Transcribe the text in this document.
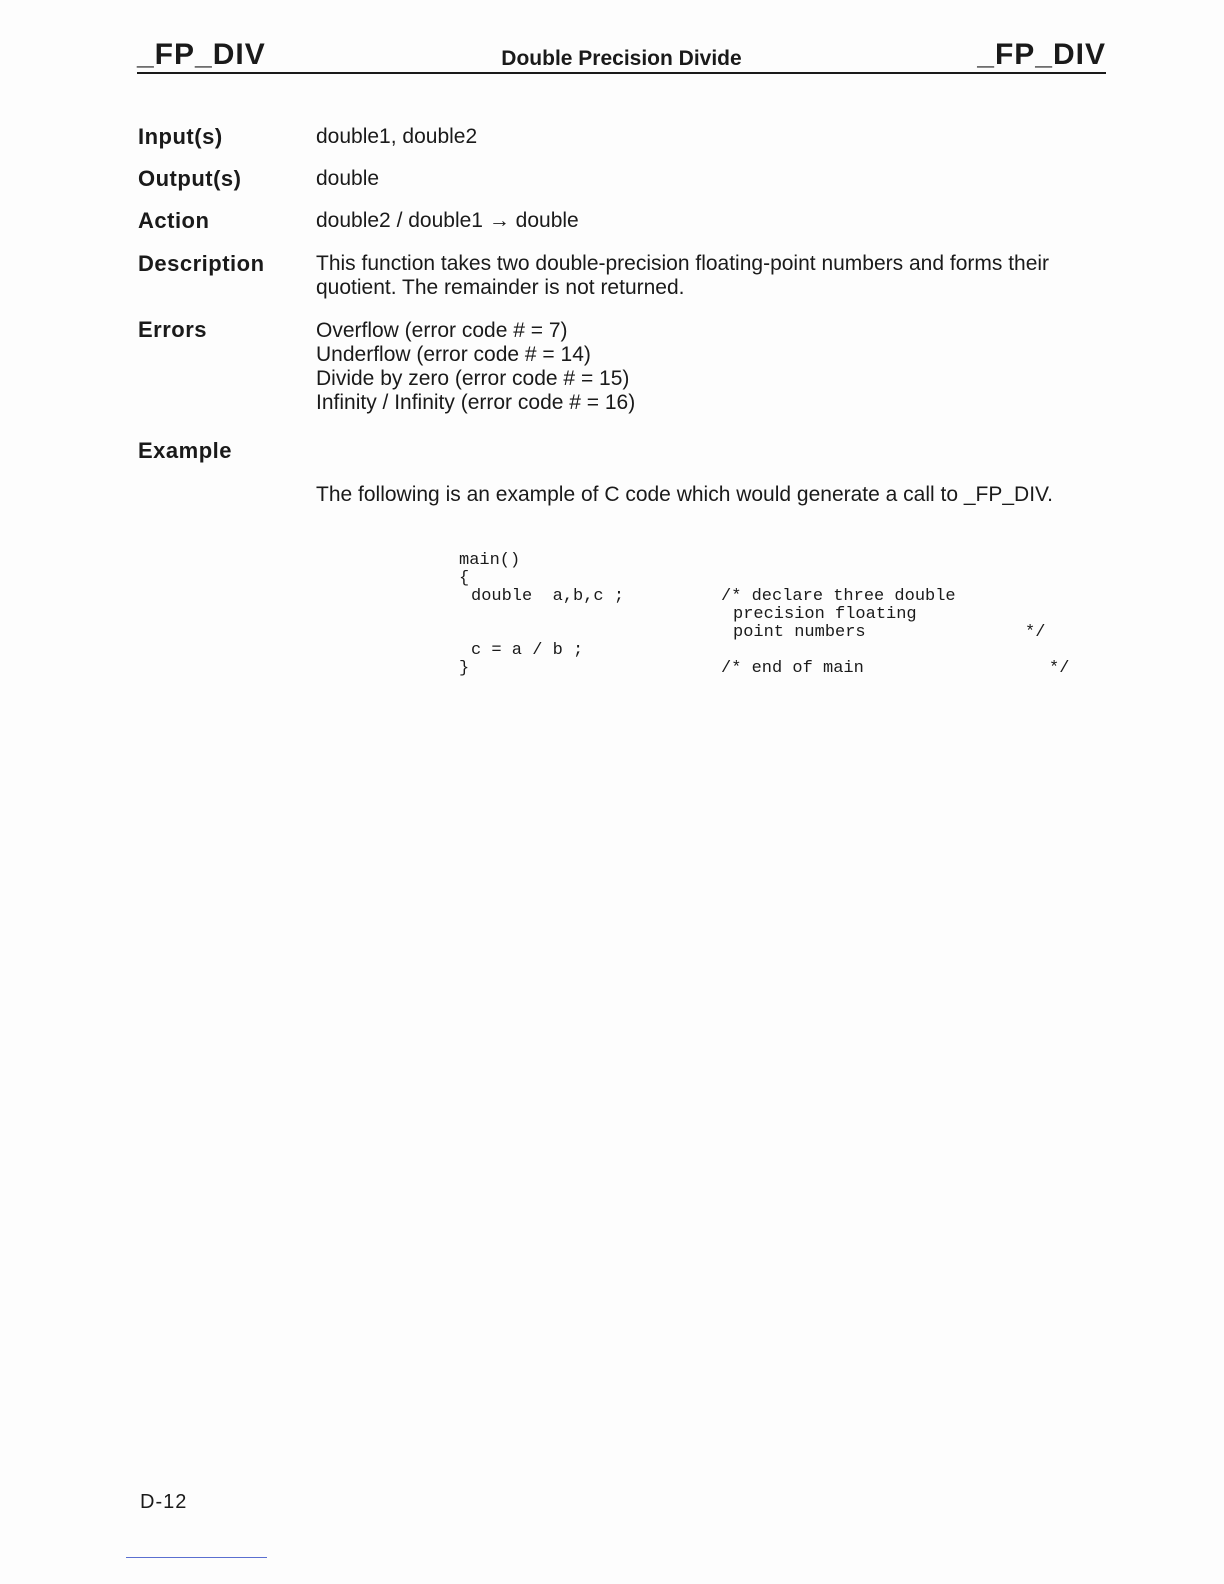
_FP_DIV	Double Precision Divide	_FP_DIV
Input(s)	double1, double2
Output(s)	double
Action	double2 / double1 → double
Description This function takes two double-precision floating-point numbers and forms their quotient. The remainder is not returned.
Errors	Overflow (error code # = 7)
Underflow (error code # = 14)
Divide by zero (error code # = 15)
Infinity / Infinity (error code # = 16)
Example
The following is an example of C code which would generate a call to _FP_DIV.

main()

{

double  a,b,c ;

	/* declare three double

precision floating

point numbers

	*/

c = a / b ;

}

	/* end of main

	*/

D-12
